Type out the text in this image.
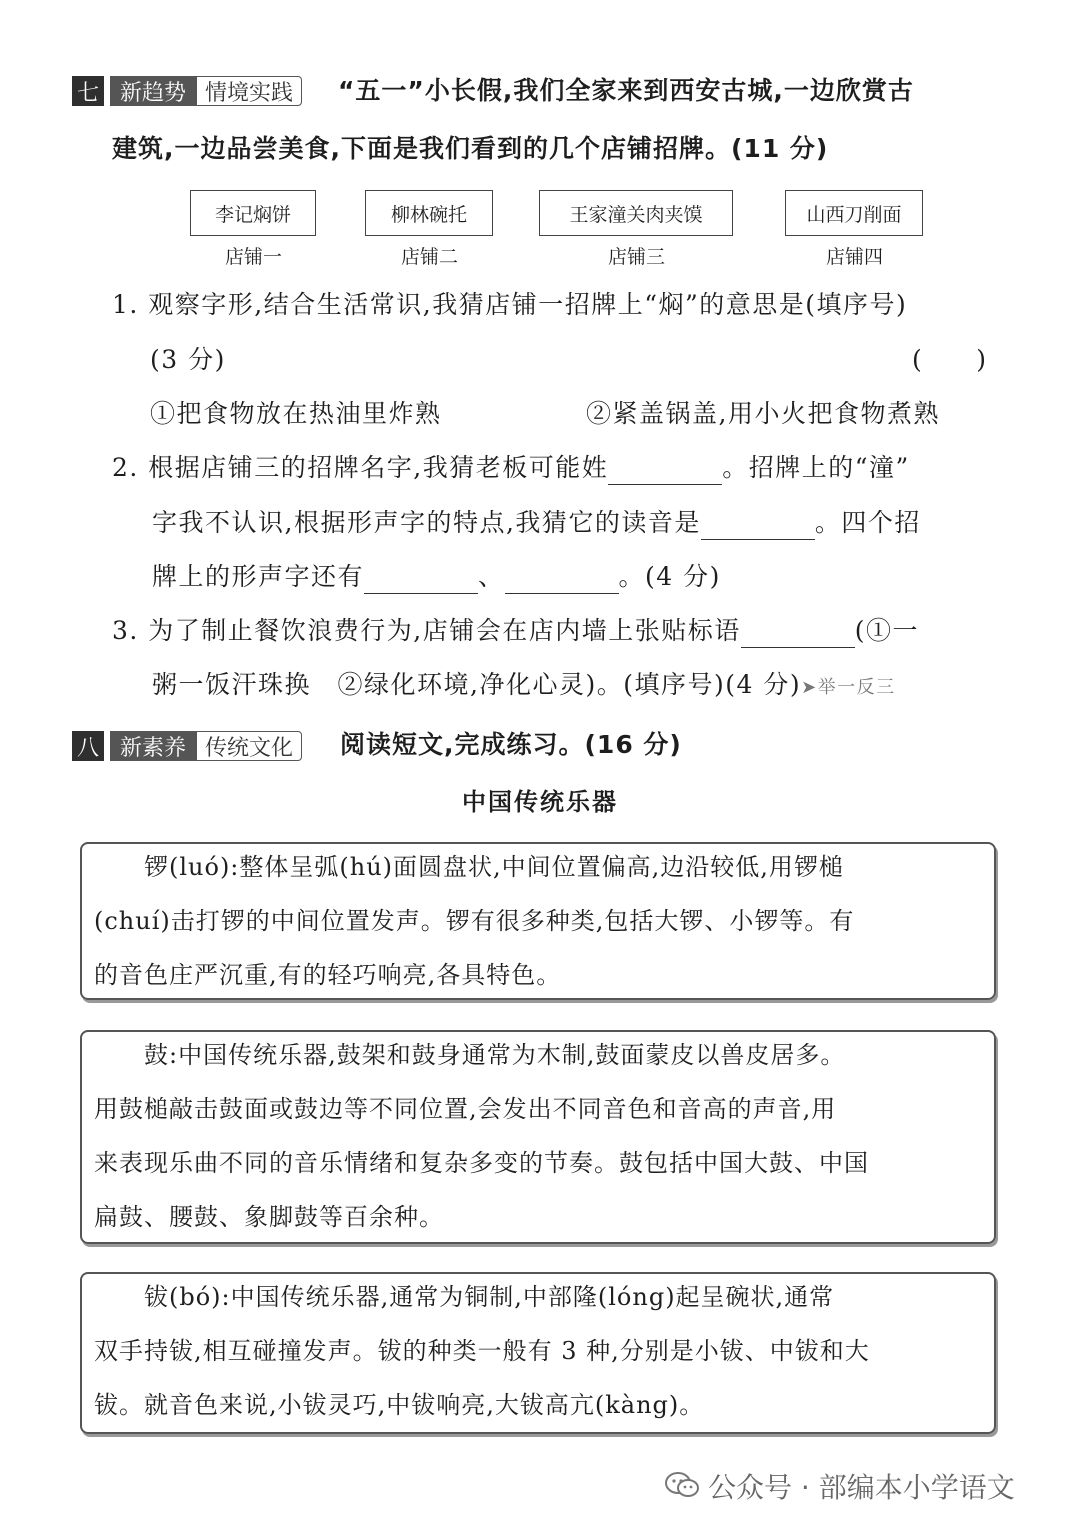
七 新趋势 情境实践	“五一”小长假,我们全家来到西安古城,一边欣赏古
建筑,一边品尝美食,下面是我们看到的几个店铺招牌。(11 分)
李记焖饼
店铺一
柳林碗托
店铺二
王家潼关肉夹馍
店铺三
山西刀削面
店铺四
1. 观察字形,结合生活常识,我猜店铺一招牌上“焖”的意思是(填序号)
(3 分)	(　　)
①把食物放在热油里炸熟	②紧盖锅盖,用小火把食物煮熟
2. 根据店铺三的招牌名字,我猜老板可能姓	。招牌上的“潼”
字我不认识,根据形声字的特点,我猜它的读音是	。四个招
牌上的形声字还有	、	。(4 分)
3. 为了制止餐饮浪费行为,店铺会在店内墙上张贴标语	(①一
粥一饭汗珠换　②绿化环境,净化心灵)。(填序号)(4 分)➤举一反三
八 新素养 传统文化	阅读短文,完成练习。(16 分)
中国传统乐器
　　锣(luó):整体呈弧(hú)面圆盘状,中间位置偏高,边沿较低,用锣槌
(chuí)击打锣的中间位置发声。锣有很多种类,包括大锣、小锣等。有
的音色庄严沉重,有的轻巧响亮,各具特色。
　　鼓:中国传统乐器,鼓架和鼓身通常为木制,鼓面蒙皮以兽皮居多。
用鼓槌敲击鼓面或鼓边等不同位置,会发出不同音色和音高的声音,用
来表现乐曲不同的音乐情绪和复杂多变的节奏。鼓包括中国大鼓、中国
扁鼓、腰鼓、象脚鼓等百余种。
　　钹(bó):中国传统乐器,通常为铜制,中部隆(lóng)起呈碗状,通常
双手持钹,相互碰撞发声。钹的种类一般有 3 种,分别是小钹、中钹和大
钹。就音色来说,小钹灵巧,中钹响亮,大钹高亢(kàng)。
公众号 · 部编本小学语文
